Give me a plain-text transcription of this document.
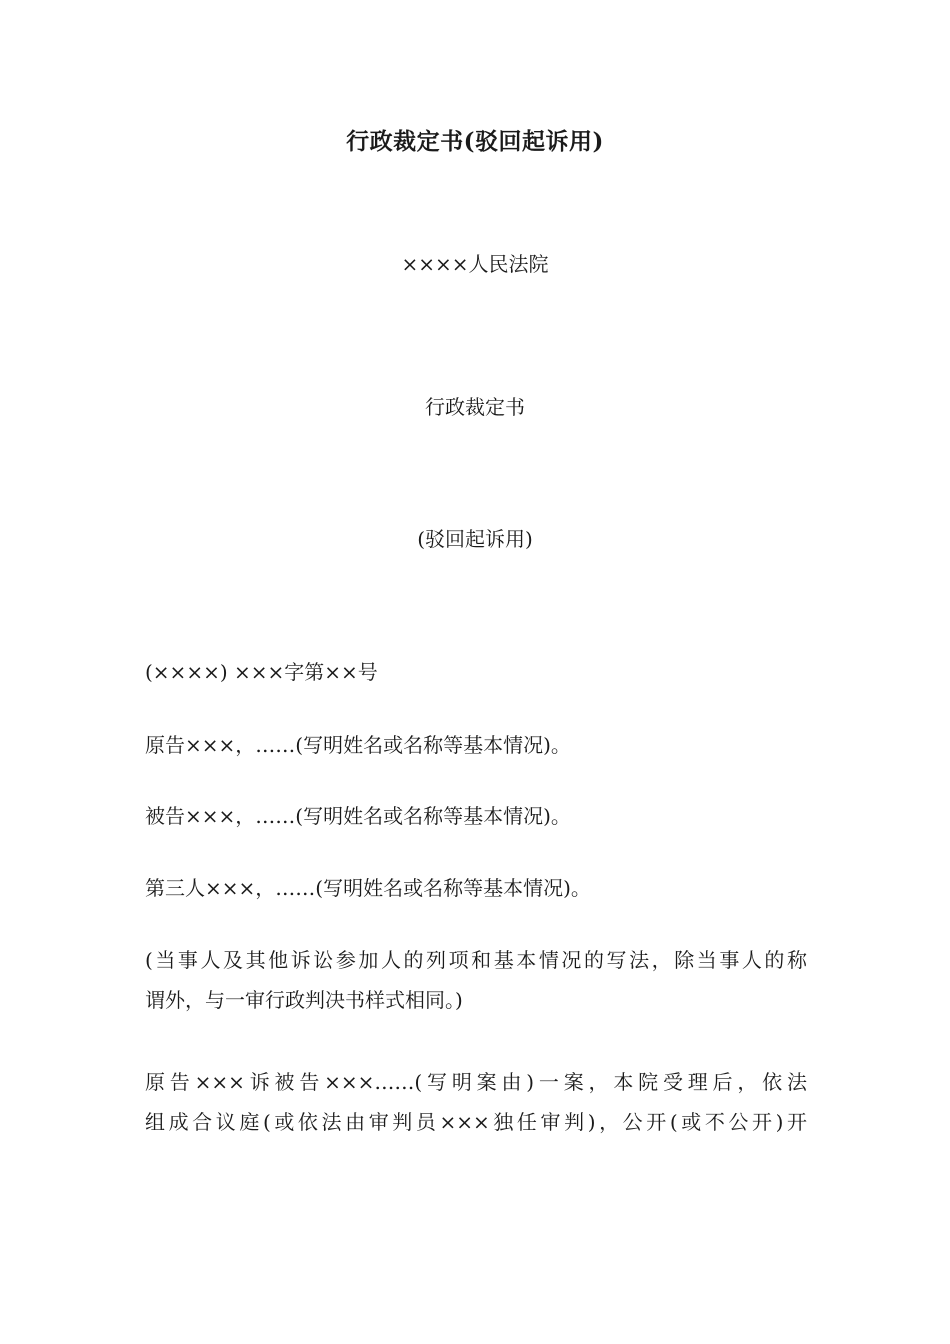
行政裁定书(驳回起诉用)
××××人民法院
行政裁定书
(驳回起诉用)
(××××) ×××字第××号
原告×××，……(写明姓名或名称等基本情况)。
被告×××，……(写明姓名或名称等基本情况)。
第三人×××，……(写明姓名或名称等基本情况)。
(当事人及其他诉讼参加人的列项和基本情况的写法，除当事人的称
谓外，与一审行政判决书样式相同。)
原告×××诉被告×××……(写明案由)一案，本院受理后，依法
组成合议庭(或依法由审判员×××独任审判)，公开(或不公开)开
